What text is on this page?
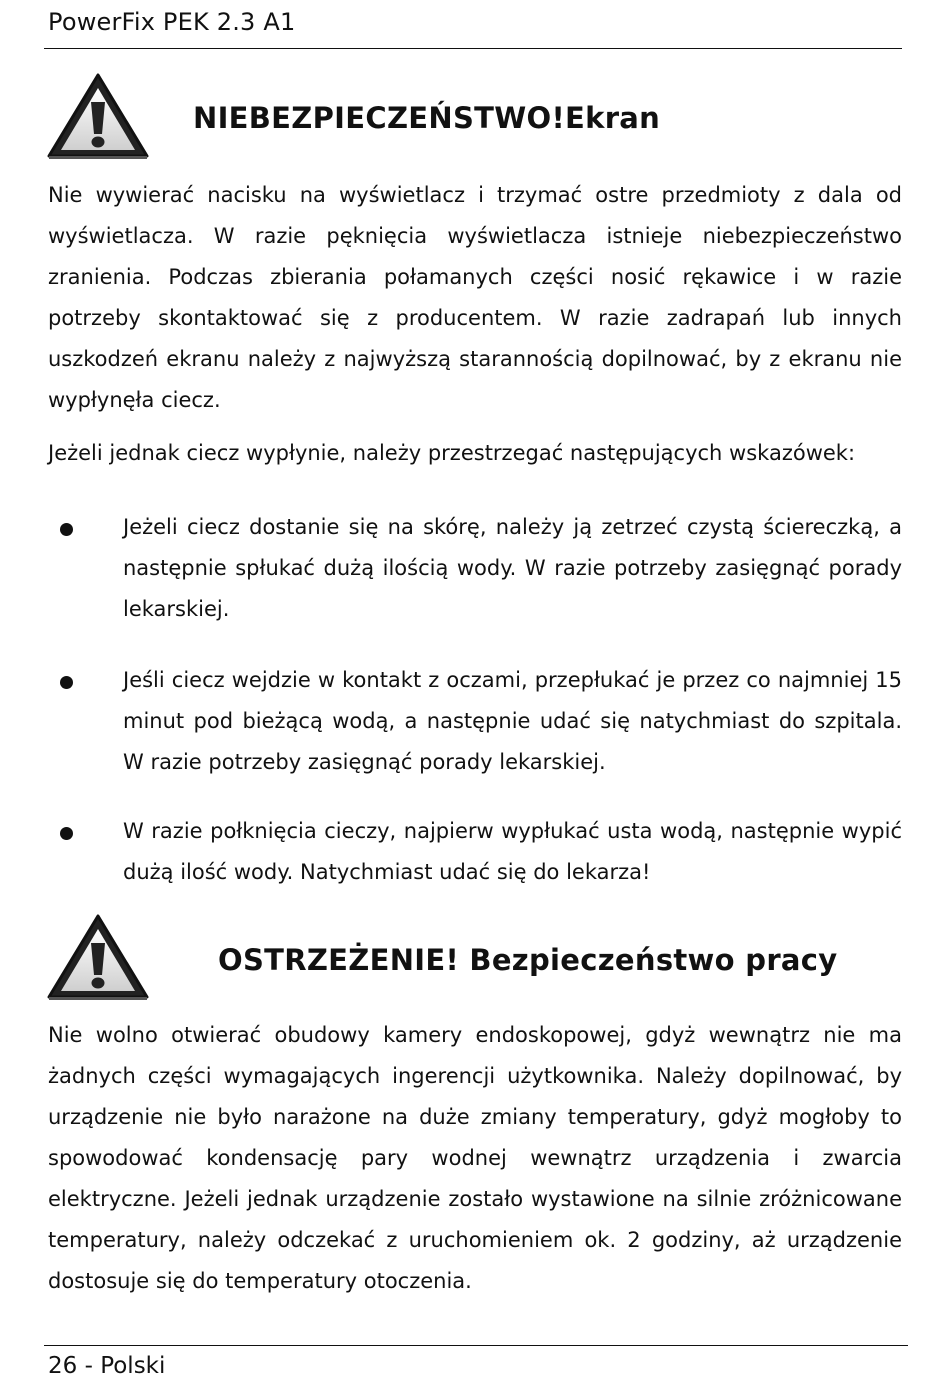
PowerFix PEK 2.3 A1
NIEBEZPIECZEŃSTWO!Ekran

Nie wywierać nacisku na wyświetlacz i trzymać ostre przedmioty z dala od wyświetlacza. W razie pęknięcia wyświetlacza istnieje niebezpieczeństwo zranienia. Podczas zbierania połamanych części nosić rękawice i w razie potrzeby skontaktować się z producentem. W razie zadrapań lub innych uszkodzeń ekranu należy z najwyższą starannością dopilnować, by z ekranu nie wypłynęła ciecz.

Jeżeli jednak ciecz wypłynie, należy przestrzegać następujących wskazówek:

Jeżeli ciecz dostanie się na skórę, należy ją zetrzeć czystą ściereczką, a następnie spłukać dużą ilością wody. W razie potrzeby zasięgnąć porady lekarskiej.

Jeśli ciecz wejdzie w kontakt z oczami, przepłukać je przez co najmniej 15 minut pod bieżącą wodą, a następnie udać się natychmiast do szpitala. W razie potrzeby zasięgnąć porady lekarskiej.

W razie połknięcia cieczy, najpierw wypłukać usta wodą, następnie wypić dużą ilość wody. Natychmiast udać się do lekarza!

OSTRZEŻENIE! Bezpieczeństwo pracy

Nie wolno otwierać obudowy kamery endoskopowej, gdyż wewnątrz nie ma żadnych części wymagających ingerencji użytkownika. Należy dopilnować, by urządzenie nie było narażone na duże zmiany temperatury, gdyż mogłoby to spowodować kondensację pary wodnej wewnątrz urządzenia i zwarcia elektryczne. Jeżeli jednak urządzenie zostało wystawione na silnie zróżnicowane temperatury, należy odczekać z uruchomieniem ok. 2 godziny, aż urządzenie dostosuje się do temperatury otoczenia.

26 - Polski
